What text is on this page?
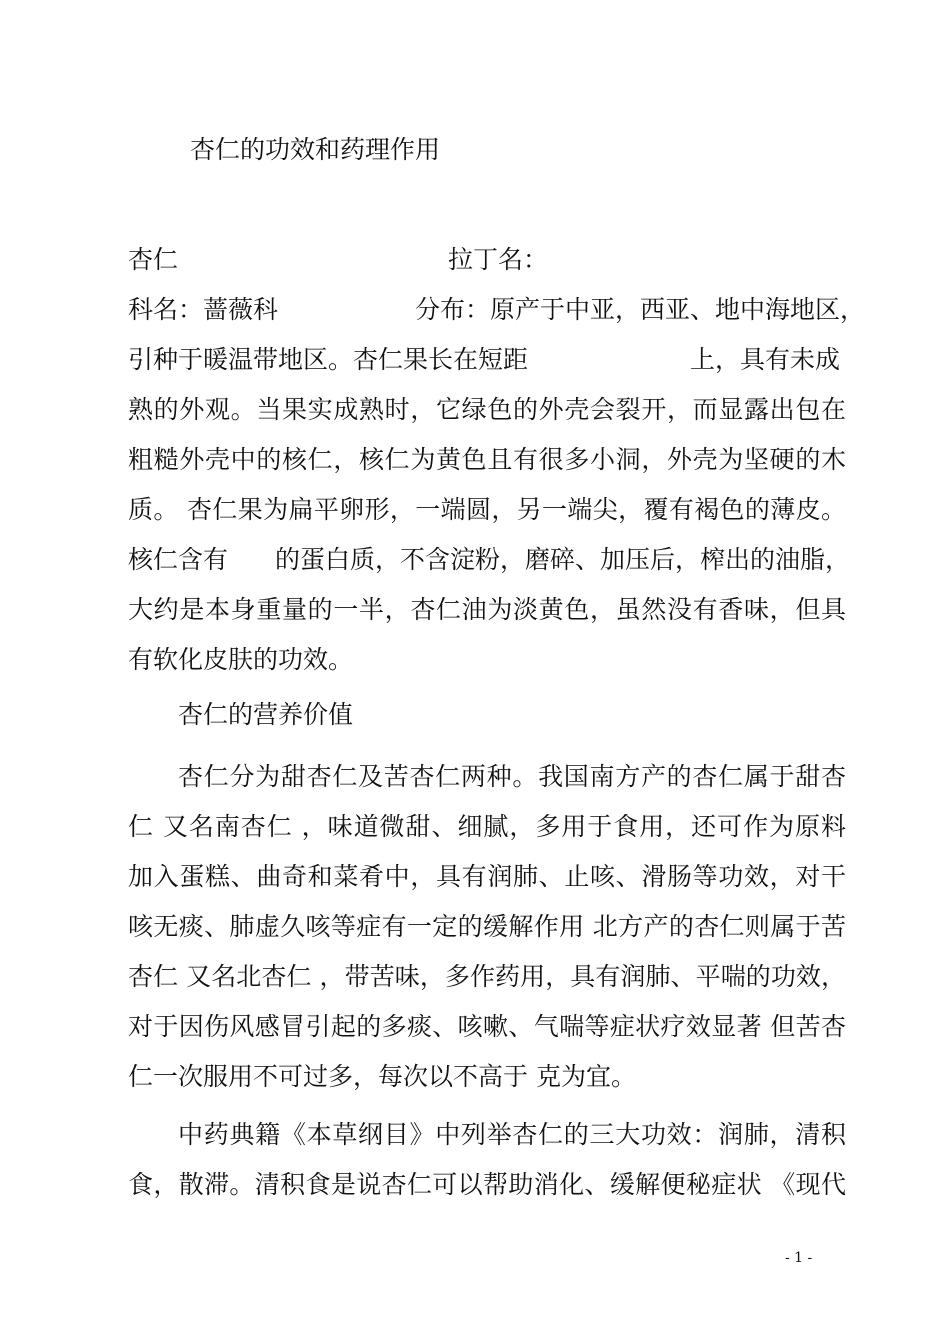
杏仁的功效和药理作用
杏仁	拉丁名：
科名：蔷薇科	分布：原产于中亚，西亚、地中海地区，
引种于暖温带地区。杏仁果长在短距	上，具有未成
熟的外观。当果实成熟时，它绿色的外壳会裂开，而显露出包在
粗糙外壳中的核仁，核仁为黄色且有很多小洞，外壳为坚硬的木
质。 杏仁果为扁平卵形，一端圆，另一端尖，覆有褐色的薄皮。
核仁含有 的蛋白质，不含淀粉，磨碎、加压后，榨出的油脂，
大约是本身重量的一半，杏仁油为淡黄色，虽然没有香味，但具
有软化皮肤的功效。
杏仁的营养价值
杏仁分为甜杏仁及苦杏仁两种。我国南方产的杏仁属于甜杏
仁 又名南杏仁 ，味道微甜、细腻，多用于食用，还可作为原料
加入蛋糕、曲奇和菜肴中，具有润肺、止咳、滑肠等功效，对干
咳无痰、肺虚久咳等症有一定的缓解作用 北方产的杏仁则属于苦
杏仁 又名北杏仁 ，带苦味，多作药用，具有润肺、平喘的功效，
对于因伤风感冒引起的多痰、咳嗽、气喘等症状疗效显著 但苦杏
仁一次服用不可过多，每次以不高于 克为宜。
中药典籍《本草纲目》中列举杏仁的三大功效：润肺，清积
食，散滞。清积食是说杏仁可以帮助消化、缓解便秘症状 《现代
- 1 -
